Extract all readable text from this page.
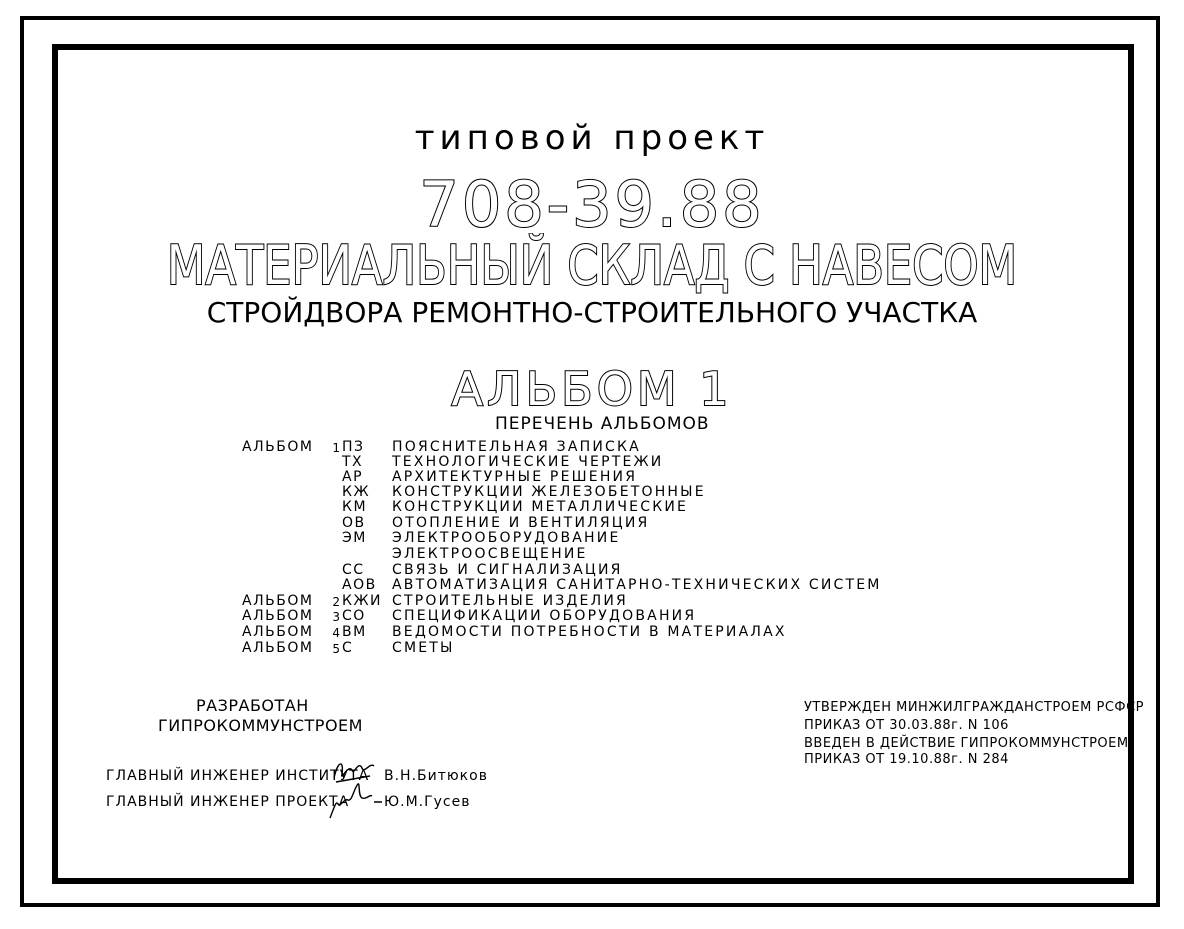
типовой проект
708-39.88
МАТЕРИАЛЬНЫЙ СКЛАД С НАВЕСОМ
СТРОЙДВОРА РЕМОНТНО-СТРОИТЕЛЬНОГО УЧАСТКА
АЛЬБОМ 1
ПЕРЕЧЕНЬ АЛЬБОМОВ
АЛЬБОМ 1 ПЗ ПОЯСНИТЕЛЬНАЯ ЗАПИСКА
ТХ ТЕХНОЛОГИЧЕСКИЕ ЧЕРТЕЖИ
АР АРХИТЕКТУРНЫЕ РЕШЕНИЯ
КЖ КОНСТРУКЦИИ ЖЕЛЕЗОБЕТОННЫЕ
КМ КОНСТРУКЦИИ МЕТАЛЛИЧЕСКИЕ
ОВ ОТОПЛЕНИЕ И ВЕНТИЛЯЦИЯ
ЭМ ЭЛЕКТРООБОРУДОВАНИЕ
ЭЛЕКТРООСВЕЩЕНИЕ
СС СВЯЗЬ И СИГНАЛИЗАЦИЯ
АОВ АВТОМАТИЗАЦИЯ САНИТАРНО-ТЕХНИЧЕСКИХ СИСТЕМ
АЛЬБОМ 2 КЖИ СТРОИТЕЛЬНЫЕ ИЗДЕЛИЯ
АЛЬБОМ 3 СО СПЕЦИФИКАЦИИ ОБОРУДОВАНИЯ
АЛЬБОМ 4 ВМ ВЕДОМОСТИ ПОТРЕБНОСТИ В МАТЕРИАЛАХ
АЛЬБОМ 5 С	СМЕТЫ
РАЗРАБОТАН
ГИПРОКОММУНСТРОЕМ
ГЛАВНЫЙ ИНЖЕНЕР ИНСТИТУТА В.Н.Битюков
ГЛАВНЫЙ ИНЖЕНЕР ПРОЕКТА Ю.М.Гусев
УТВЕРЖДЕН МИНЖИЛГРАЖДАНСТРОЕМ РСФСР
ПРИКАЗ ОТ 30.03.88г. N 106
ВВЕДЕН В ДЕЙСТВИЕ ГИПРОКОММУНСТРОЕМ
ПРИКАЗ ОТ 19.10.88г. N 284
